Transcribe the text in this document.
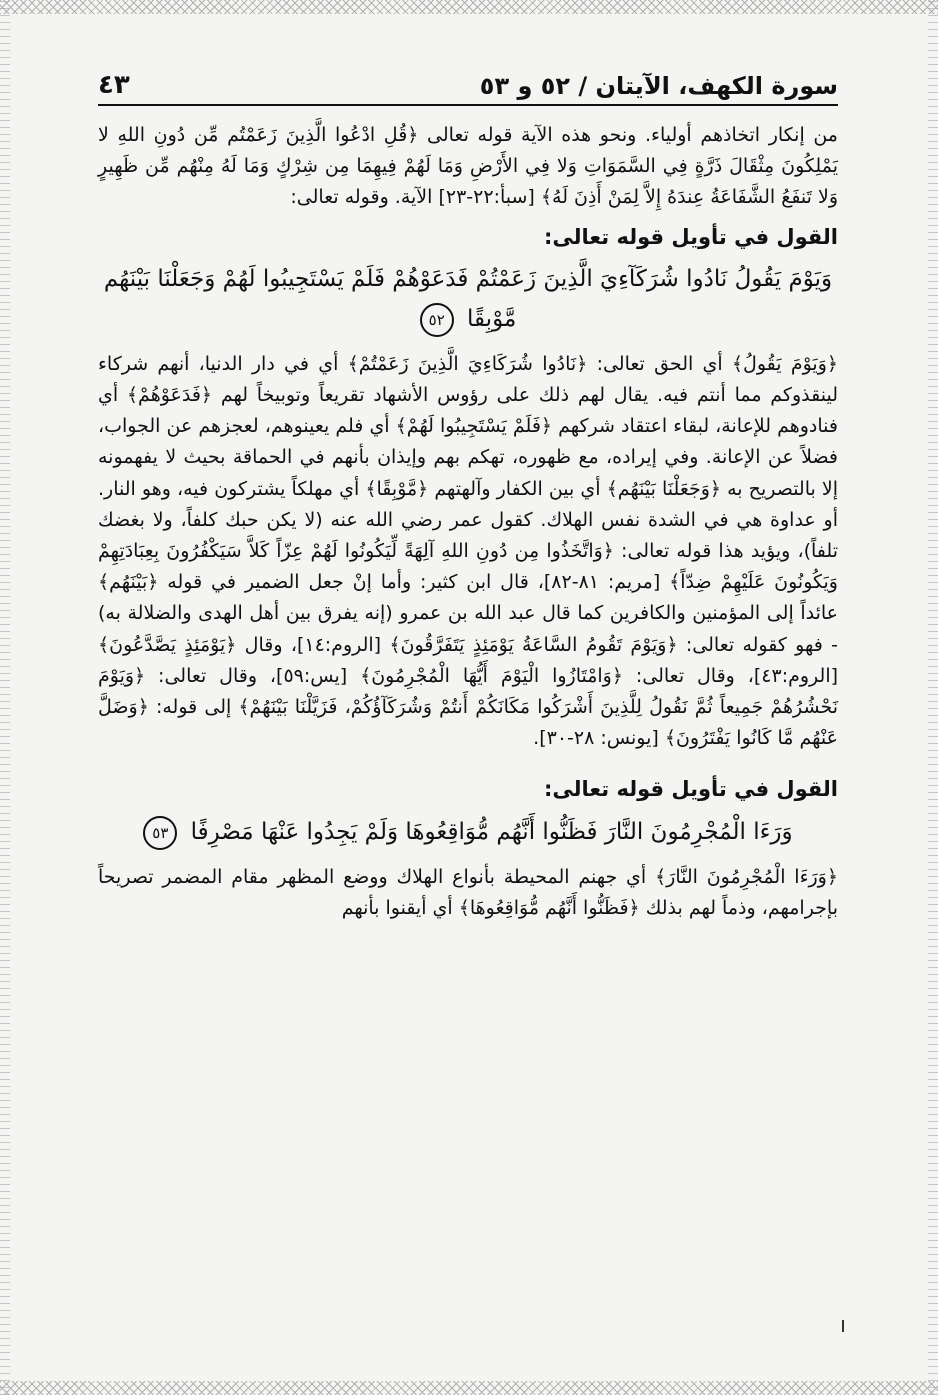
٤٣	سورة الكهف، الآيتان / ٥٢ و ٥٣

من إنكار اتخاذهم أولياء. ونحو هذه الآية قوله تعالى ﴿قُلِ ادْعُوا الَّذِينَ زَعَمْتُم مِّن دُونِ اللهِ لا يَمْلِكُونَ مِثْقَالَ ذَرَّةٍ فِي السَّمَوَاتِ وَلا فِي الأَرْضِ وَمَا لَهُمْ فِيهِمَا مِن شِرْكٍ وَمَا لَهُ مِنْهُم مِّن ظَهِيرٍ وَلا تَنفَعُ الشَّفَاعَةُ عِندَهُ إِلاَّ لِمَنْ أَذِنَ لَهُ﴾ [سبأ:٢٢-٢٣] الآية. وقوله تعالى:

القول في تأويل قوله تعالى:
وَيَوْمَ يَقُولُ نَادُوا شُرَكَآءِيَ الَّذِينَ زَعَمْتُمْ فَدَعَوْهُمْ فَلَمْ يَسْتَجِيبُوا لَهُمْ وَجَعَلْنَا بَيْنَهُم مَّوْبِقًا ٥٢

﴿وَيَوْمَ يَقُولُ﴾ أي الحق تعالى: ﴿نَادُوا شُرَكَاءِيَ الَّذِينَ زَعَمْتُمْ﴾ أي في دار الدنيا، أنهم شركاء لينقذوكم مما أنتم فيه. يقال لهم ذلك على رؤوس الأشهاد تقريعاً وتوبيخاً لهم ﴿فَدَعَوْهُمْ﴾ أي فنادوهم للإعانة، لبقاء اعتقاد شركهم ﴿فَلَمْ يَسْتَجِيبُوا لَهُمْ﴾ أي فلم يعينوهم، لعجزهم عن الجواب، فضلاً عن الإعانة. وفي إيراده، مع ظهوره، تهكم بهم وإيذان بأنهم في الحماقة بحيث لا يفهمونه إلا بالتصريح به ﴿وَجَعَلْنَا بَيْنَهُم﴾ أي بين الكفار وآلهتهم ﴿مَّوْبِقًا﴾ أي مهلكاً يشتركون فيه، وهو النار. أو عداوة هي في الشدة نفس الهلاك. كقول عمر رضي الله عنه (لا يكن حبك كلفاً، ولا بغضك تلفاً)، ويؤيد هذا قوله تعالى: ﴿وَاتَّخَذُوا مِن دُونِ اللهِ آلِهَةً لِّيَكُونُوا لَهُمْ عِزّاً كَلاَّ سَيَكْفُرُونَ بِعِبَادَتِهِمْ وَيَكُونُونَ عَلَيْهِمْ ضِدّاً﴾ [مريم: ٨١-٨٢]، قال ابن كثير: وأما إنْ جعل الضمير في قوله ﴿بَيْنَهُم﴾ عائداً إلى المؤمنين والكافرين كما قال عبد الله بن عمرو (إنه يفرق بين أهل الهدى والضلالة به) - فهو كقوله تعالى: ﴿وَيَوْمَ تَقُومُ السَّاعَةُ يَوْمَئِذٍ يَتَفَرَّقُونَ﴾ [الروم:١٤]، وقال ﴿يَوْمَئِذٍ يَصَّدَّعُونَ﴾ [الروم:٤٣]، وقال تعالى: ﴿وَامْتَازُوا الْيَوْمَ أَيُّهَا الْمُجْرِمُونَ﴾ [يس:٥٩]، وقال تعالى: ﴿وَيَوْمَ نَحْشُرُهُمْ جَمِيعاً ثُمَّ نَقُولُ لِلَّذِينَ أَشْرَكُوا مَكَانَكُمْ أَنتُمْ وَشُرَكَآؤُكُمْ، فَزَيَّلْنَا بَيْنَهُمْ﴾ إلى قوله: ﴿وَضَلَّ عَنْهُم مَّا كَانُوا يَفْتَرُونَ﴾ [يونس: ٢٨-٣٠].

القول في تأويل قوله تعالى:
وَرَءَا الْمُجْرِمُونَ النَّارَ فَظَنُّوا أَنَّهُم مُّوَاقِعُوهَا وَلَمْ يَجِدُوا عَنْهَا مَصْرِفًا ٥٣

﴿وَرَءَا الْمُجْرِمُونَ النَّارَ﴾ أي جهنم المحيطة بأنواع الهلاك ووضع المظهر مقام المضمر تصريحاً بإجرامهم، وذماً لهم بذلك ﴿فَظَنُّوا أَنَّهُم مُّوَاقِعُوهَا﴾ أي أيقنوا بأنهم
